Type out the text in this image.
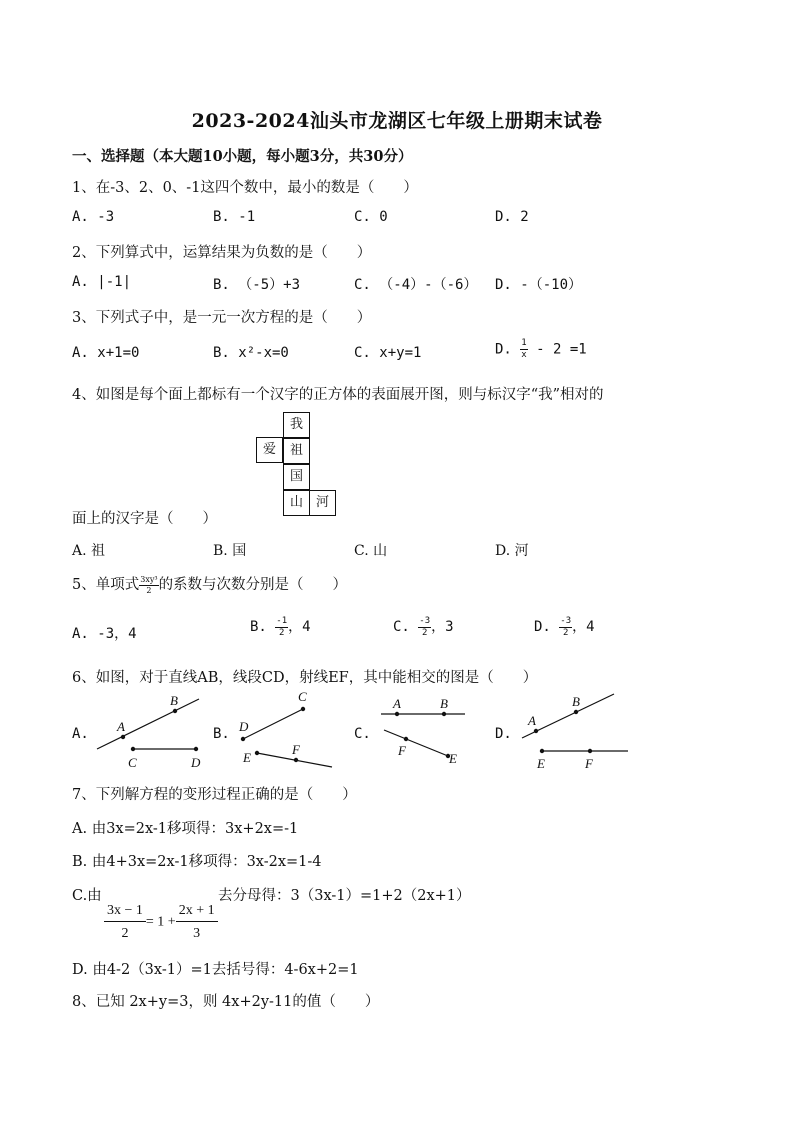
2023-2024汕头市龙湖区七年级上册期末试卷
一、选择题（本大题10小题，每小题3分，共30分）
1、在-3、2、0、-1这四个数中，最小的数是（　　）
A. -3	B. -1	C. 0	D. 2
2、下列算式中，运算结果为负数的是（　　）
A. |-1|	B. （-5）+3	C. （-4）-（-6） D. -（-10）
3、下列式子中，是一元一次方程的是（　　）
A. x+1=0	B. x²-x=0	C. x+y=1	D. $\frac{1}{x} - 2 =1$
4、如图是每个面上都标有一个汉字的正方体的表面展开图，则与标汉字“我”相对的
我
爱	祖
国
山 河
面上的汉字是（　　）
A. 祖	B. 国	C. 山	D. 河
5、单项式 $\frac{\text{3xy³}}{2}$ 的系数与次数分别是（　　）
A. -3，4	B. $\frac{-1}{2}$ ，4	C. $\frac{-3}{2}$ ，3	D. $\frac{-3}{2}$ ，4
6、如图，对于直线AB，线段CD，射线EF，其中能相交的图是（　　）
A.	B.	C.	D.
A
B
C	D
D
C
E
F
A	B
F
E
A
B
E	F
7、下列解方程的变形过程正确的是（　　）
A. 由3x=2x-1移项得：3x+2x=-1
B. 由4+3x=2x-1移项得：3x-2x=1-4
C.由	去分母得：3（3x-1）=1+2（2x+1）
$\frac{3x - 1}{2} = 1 + \frac{2x + 1}{3}$
D. 由4-2（3x-1）=1去括号得：4-6x+2=1
8、已知 2x+y=3，则 4x+2y-11的值（　　）
